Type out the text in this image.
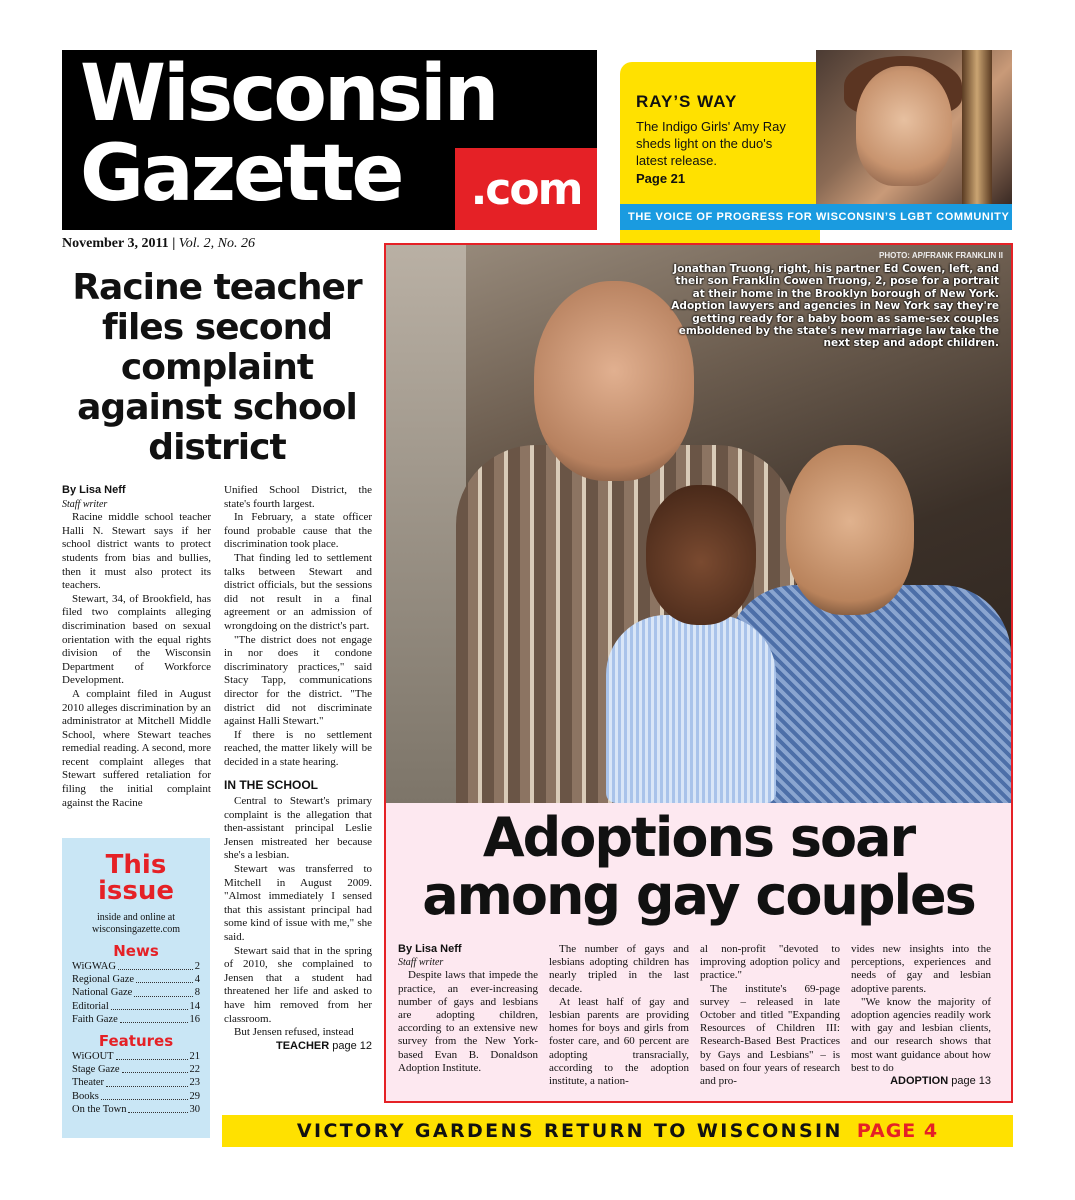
Wisconsin
Gazette	.com
RAY’S WAY
The Indigo Girls' Amy Ray sheds light on the duo's latest release.
Page 21
THE VOICE OF PROGRESS FOR WISCONSIN’S LGBT COMMUNITY
November 3, 2011 | Vol. 2, No. 26
Racine teacher files second complaint against school district
By Lisa Neff
Staff writer

Racine middle school teacher Halli N. Stewart says if her school district wants to protect students from bias and bullies, then it must also protect its teachers.

Stewart, 34, of Brookfield, has filed two complaints alleging discrimination based on sexual orientation with the equal rights division of the Wisconsin Department of Workforce Development.

A complaint filed in August 2010 alleges discrimination by an administrator at Mitchell Middle School, where Stewart teaches remedial reading. A second, more recent complaint alleges that Stewart suffered retaliation for filing the initial complaint against the Racine

Unified School District, the state's fourth largest.

In February, a state officer found probable cause that the discrimination took place.

That finding led to settlement talks between Stewart and district officials, but the sessions did not result in a final agreement or an admission of wrongdoing on the district's part.

"The district does not engage in nor does it condone discriminatory practices," said Stacy Tapp, communications director for the district. "The district did not discriminate against Halli Stewart."

If there is no settlement reached, the matter likely will be decided in a state hearing.

IN THE SCHOOL

Central to Stewart's primary complaint is the allegation that then-assistant principal Leslie Jensen mistreated her because she's a lesbian.

Stewart was transferred to Mitchell in August 2009. "Almost immediately I sensed that this assistant principal had some kind of issue with me," she said.

Stewart said that in the spring of 2010, she complained to Jensen that a student had threatened her life and asked to have him removed from her classroom.

But Jensen refused, instead

TEACHER page 12
This
issue
inside and online at wisconsingazette.com
News
WiGWAG	2
Regional Gaze	4
National Gaze	8
Editorial	14
Faith Gaze	16
Features
WiGOUT	21
Stage Gaze	22
Theater	23
Books	29
On the Town	30
PHOTO: AP/FRANK FRANKLIN II
Jonathan Truong, right, his partner Ed Cowen, left, and their son Franklin Cowen Truong, 2, pose for a portrait at their home in the Brooklyn borough of New York. Adoption lawyers and agencies in New York say they're getting ready for a baby boom as same-sex couples emboldened by the state's new marriage law take the next step and adopt children.
Adoptions soar
among gay couples
By Lisa Neff
Staff writer

Despite laws that impede the practice, an ever-increasing number of gays and lesbians are adopting children, according to an extensive new survey from the New York-based Evan B. Donaldson Adoption Institute.

The number of gays and lesbians adopting children has nearly tripled in the last decade.

At least half of gay and lesbian parents are providing homes for boys and girls from foster care, and 60 percent are adopting transracially, according to the adoption institute, a nation-

al non-profit "devoted to improving adoption policy and practice."

The institute's 69-page survey – released in late October and titled "Expanding Resources of Children III: Research-Based Best Practices by Gays and Lesbians" – is based on four years of research and pro-

vides new insights into the perceptions, experiences and needs of gay and lesbian adoptive parents.

"We know the majority of adoption agencies readily work with gay and lesbian clients, and our research shows that most want guidance about how best to do

ADOPTION page 13
VICTORY GARDENS RETURN TO WISCONSIN PAGE 4
